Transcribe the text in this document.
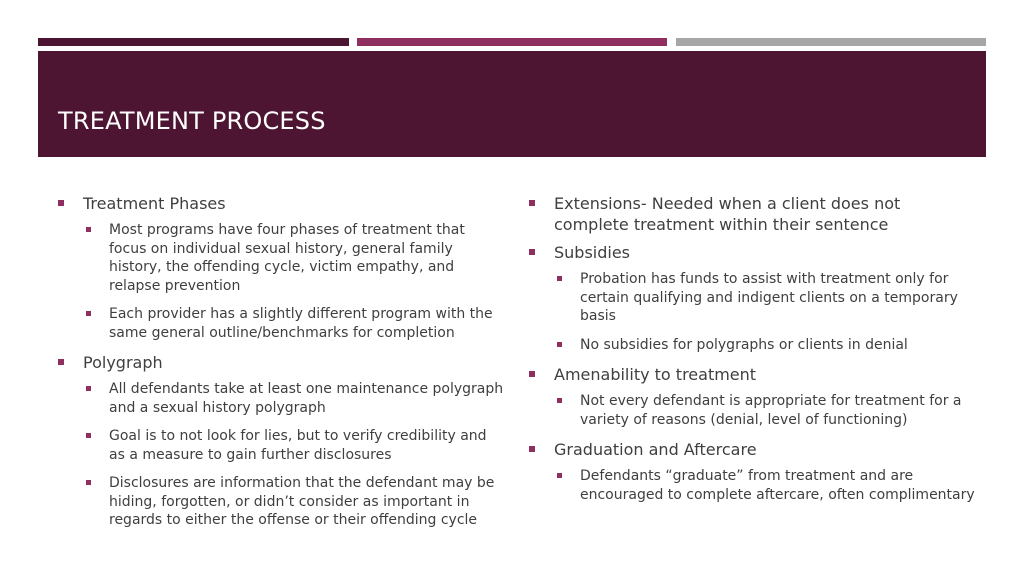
TREATMENT PROCESS
Treatment Phases
Most programs have four phases of treatment that focus on individual sexual history, general family history, the offending cycle, victim empathy, and relapse prevention
Each provider has a slightly different program with the same general outline/benchmarks for completion
Polygraph
All defendants take at least one maintenance polygraph and a sexual history polygraph
Goal is to not look for lies, but to verify credibility and as a measure to gain further disclosures
Disclosures are information that the defendant may be hiding, forgotten, or didn’t consider as important in regards to either the offense or their offending cycle
Extensions- Needed when a client does not complete treatment within their sentence
Subsidies
Probation has funds to assist with treatment only for certain qualifying and indigent clients on a temporary basis
No subsidies for polygraphs or clients in denial
Amenability to treatment
Not every defendant is appropriate for treatment for a variety of reasons (denial, level of functioning)
Graduation and Aftercare
Defendants “graduate” from treatment and are encouraged to complete aftercare, often complimentary
